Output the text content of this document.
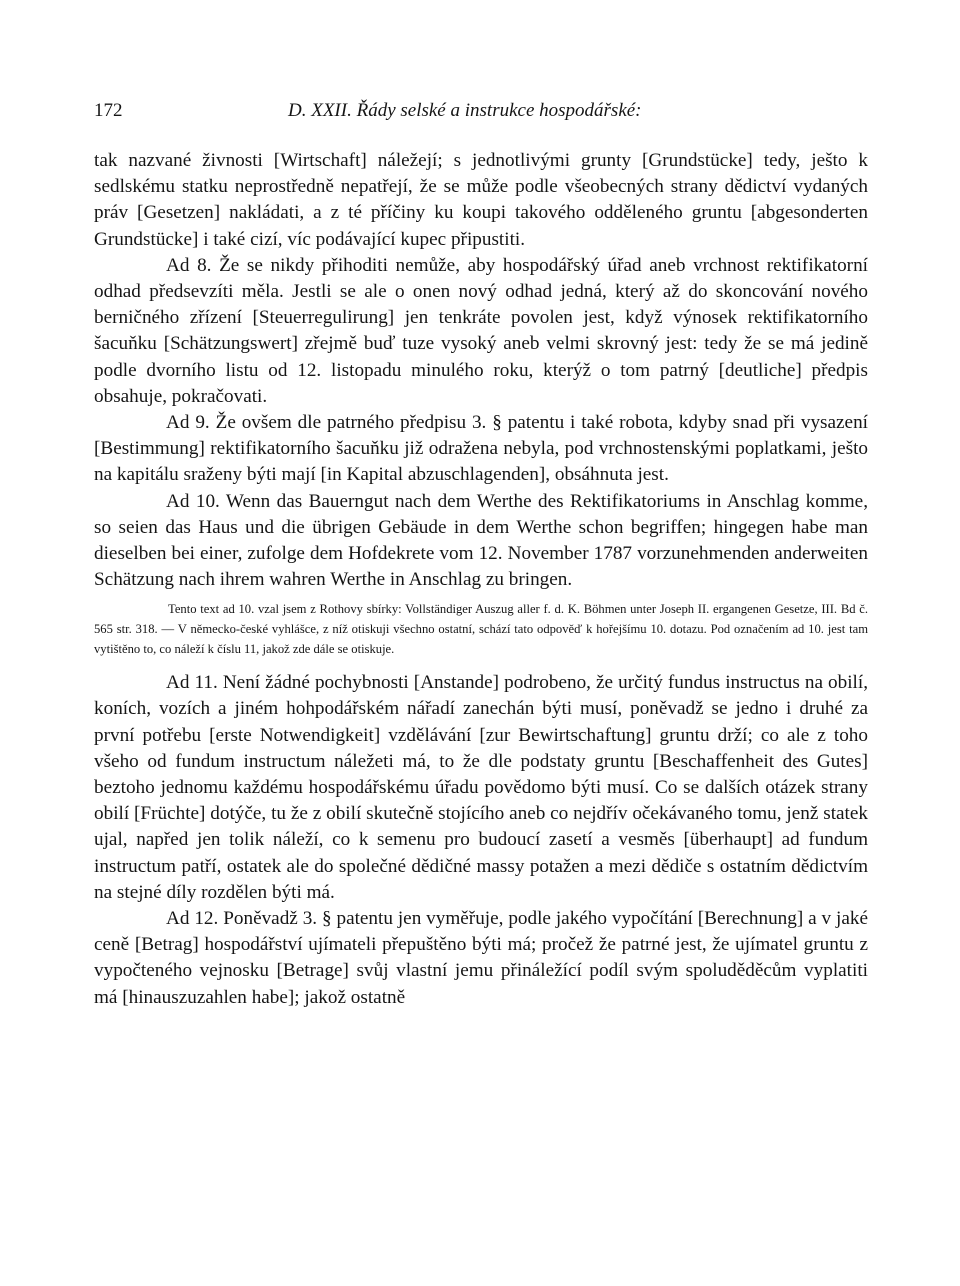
172	D. XXII. Řády selské a instrukce hospodářské:

tak nazvané živnosti [Wirtschaft] náležejí; s jednotlivými grunty [Grundstücke] tedy, ješto k sedlskému statku neprostředně nepatřejí, že se může podle všeobecných strany dědictví vydaných práv [Gesetzen] nakládati, a z té příčiny ku koupi takového odděleného gruntu [abgesonderten Grundstücke] i také cizí, víc podávající kupec připustiti.

Ad 8. Že se nikdy přihoditi nemůže, aby hospodářský úřad aneb vrchnost rektifikatorní odhad předsevzíti měla. Jestli se ale o onen nový odhad jedná, který až do skoncování nového berničného zřízení [Steuerregulirung] jen tenkráte povolen jest, když výnosek rektifikatorního šacuňku [Schätzungswert] zřejmě buď tuze vysoký aneb velmi skrovný jest: tedy že se má jedině podle dvorního listu od 12. listopadu minulého roku, kterýž o tom patrný [deutliche] předpis obsahuje, pokračovati.

Ad 9. Že ovšem dle patrného předpisu 3. § patentu i také robota, kdyby snad při vysazení [Bestimmung] rektifikatorního šacuňku již odražena nebyla, pod vrchnostenskými poplatkami, ješto na kapitálu sraženy býti mají [in Kapital abzuschlagenden], obsáhnuta jest.

Ad 10. Wenn das Bauerngut nach dem Werthe des Rektifikatoriums in Anschlag komme, so seien das Haus und die übrigen Gebäude in dem Werthe schon begriffen; hingegen habe man dieselben bei einer, zufolge dem Hofdekrete vom 12. November 1787 vorzunehmenden anderweiten Schätzung nach ihrem wahren Werthe in Anschlag zu bringen.

Tento text ad 10. vzal jsem z Rothovy sbírky: Vollständiger Auszug aller f. d. K. Böhmen unter Joseph II. ergangenen Gesetze, III. Bd č. 565 str. 318. — V německo-české vyhlášce, z níž otiskuji všechno ostatní, schází tato odpověď k hořejšímu 10. dotazu. Pod označením ad 10. jest tam vytištěno to, co náleží k číslu 11, jakož zde dále se otiskuje.

Ad 11. Není žádné pochybnosti [Anstande] podrobeno, že určitý fundus instructus na obilí, koních, vozích a jiném hohpodářském nářadí zanechán býti musí, poněvadž se jedno i druhé za první potřebu [erste Notwendigkeit] vzdělávání [zur Bewirtschaftung] gruntu drží; co ale z toho všeho od fundum instructum náležeti má, to že dle podstaty gruntu [Beschaffenheit des Gutes] beztoho jednomu každému hospodářskému úřadu povědomo býti musí. Co se dalších otázek strany obilí [Früchte] dotýče, tu že z obilí skutečně stojícího aneb co nejdřív očekávaného tomu, jenž statek ujal, napřed jen tolik náleží, co k semenu pro budoucí zasetí a vesměs [überhaupt] ad fundum instructum patří, ostatek ale do společné dědičné massy potažen a mezi dědiče s ostatním dědictvím na stejné díly rozdělen býti má.

Ad 12. Poněvadž 3. § patentu jen vyměřuje, podle jakého vypočítání [Berechnung] a v jaké ceně [Betrag] hospodářství ujímateli přepuštěno býti má; pročež že patrné jest, že ujímatel gruntu z vypočteného vejnosku [Betrage] svůj vlastní jemu přináležící podíl svým spoluděděcům vyplatiti má [hinauszuzahlen habe]; jakož ostatně
